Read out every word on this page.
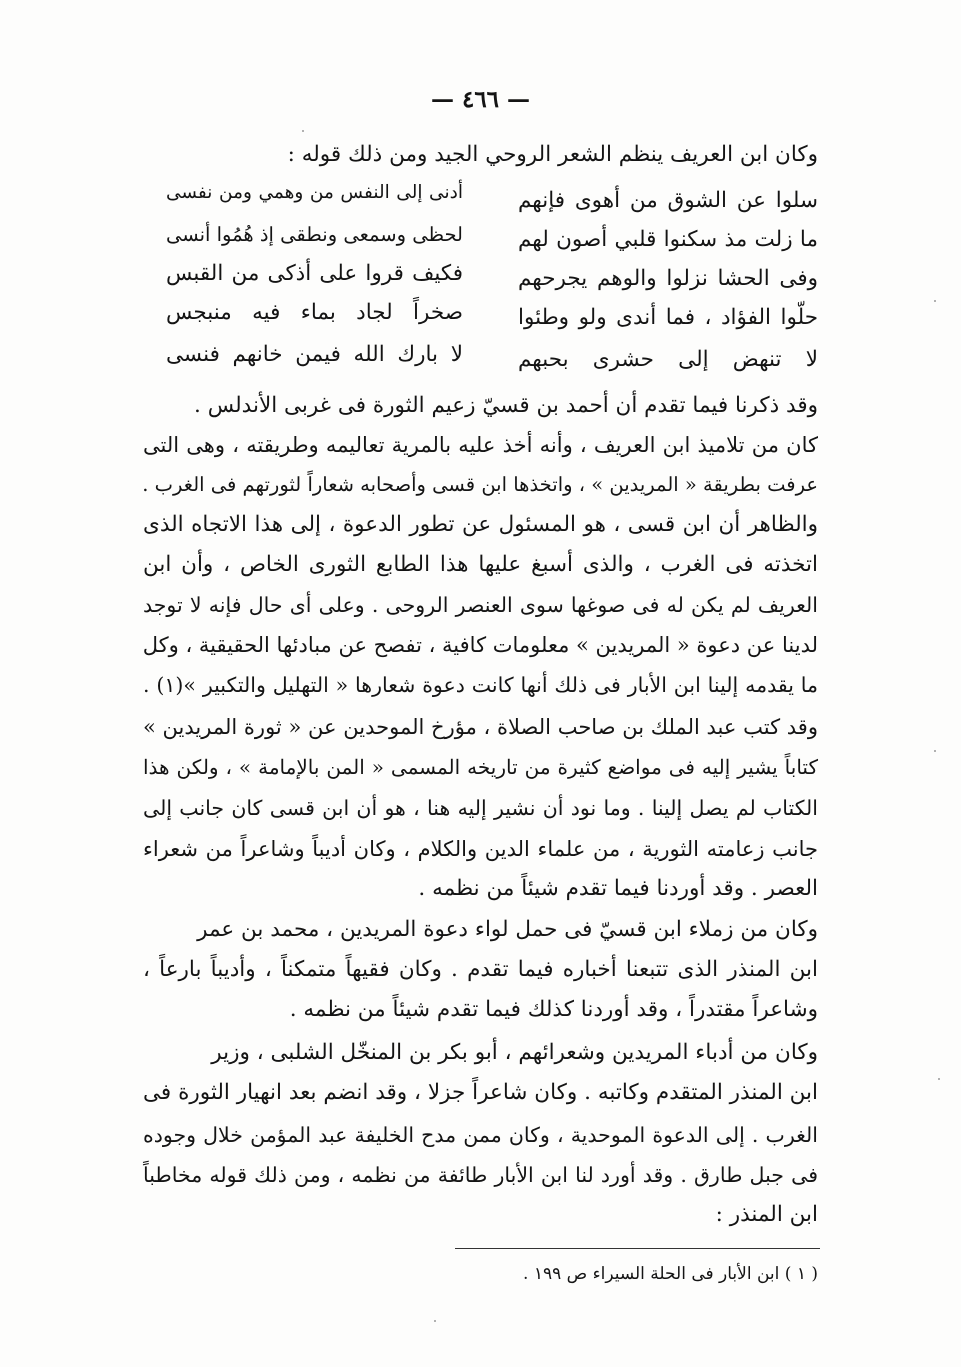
— ٤٦٦ —
وكان ابن العريف ينظم الشعر الروحي الجيد ومن ذلك قوله :
سلوا عن الشوق من أهوى فإنهم
أدنى إلى النفس من وهمي ومن نفسى
ما زلت مذ سكنوا قلبي أصون لهم
لحظى وسمعى ونطقى إذ هُمُوا أنسى
وفى الحشا نزلوا والوهم يجرحهم
فكيف قروا على أذكى من القبس
حلّوا الفؤاد ، فما أندى ولو وطئوا
صخراً لجاد بماء فيه منبجس
لا تنهض إلى حشرى بحبهم
لا بارك الله فيمن خانهم فنسى
وقد ذكرنا فيما تقدم أن أحمد بن قسيّ زعيم الثورة فى غربى الأندلس .
كان من تلاميذ ابن العريف ، وأنه أخذ عليه بالمرية تعاليمه وطريقته ، وهى التى
عرفت بطريقة « المريدين » ، واتخذها ابن قسى وأصحابه شعاراً لثورتهم فى الغرب .
والظاهر أن ابن قسى ، هو المسئول عن تطور الدعوة ، إلى هذا الاتجاه الذى
اتخذته فى الغرب ، والذى أسبغ عليها هذا الطابع الثورى الخاص ، وأن ابن
العريف لم يكن له فى صوغها سوى العنصر الروحى . وعلى أى حال فإنه لا توجد
لدينا عن دعوة « المريدين » معلومات كافية ، تفصح عن مبادئها الحقيقية ، وكل
ما يقدمه إلينا ابن الأبار فى ذلك أنها كانت دعوة شعارها « التهليل والتكبير »(١) .
وقد كتب عبد الملك بن صاحب الصلاة ، مؤرخ الموحدين عن « ثورة المريدين »
كتاباً يشير إليه فى مواضع كثيرة من تاريخه المسمى « المن بالإمامة » ، ولكن هذا
الكتاب لم يصل إلينا . وما نود أن نشير إليه هنا ، هو أن ابن قسى كان جانب إلى
جانب زعامته الثورية ، من علماء الدين والكلام ، وكان أديباً وشاعراً من شعراء
العصر . وقد أوردنا فيما تقدم شيئاً من نظمه .
وكان من زملاء ابن قسيّ فى حمل لواء دعوة المريدين ، محمد بن عمر
ابن المنذر الذى تتبعنا أخباره فيما تقدم . وكان فقيهاً متمكناً ، وأديباً بارعاً ،
وشاعراً مقتدراً ، وقد أوردنا كذلك فيما تقدم شيئاً من نظمه .
وكان من أدباء المريدين وشعرائهم ، أبو بكر بن المنخّل الشلبى ، وزير
ابن المنذر المتقدم وكاتبه . وكان شاعراً جزلا ، وقد انضم بعد انهيار الثورة فى
الغرب . إلى الدعوة الموحدية ، وكان ممن مدح الخليفة عبد المؤمن خلال وجوده
فى جبل طارق . وقد أورد لنا ابن الأبار طائفة من نظمه ، ومن ذلك قوله مخاطباً
ابن المنذر :
( ١ ) ابن الأبار فى الحلة السيراء ص ١٩٩ .
